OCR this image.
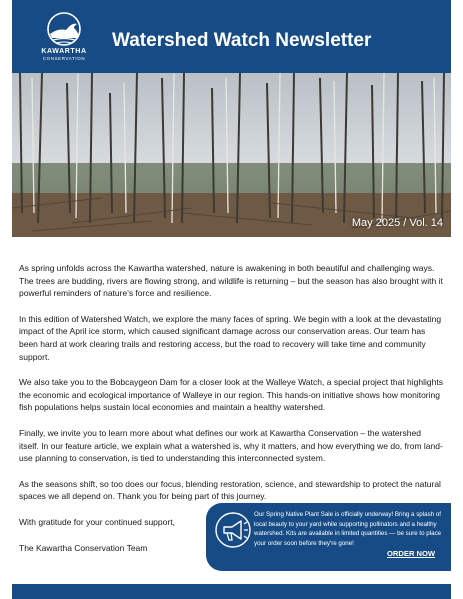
KAWARTHA
CONSERVATION
Watershed Watch Newsletter
May 2025 / Vol. 14

As spring unfolds across the Kawartha watershed, nature is awakening in both beautiful and challenging ways. The trees are budding, rivers are flowing strong, and wildlife is returning – but the season has also brought with it powerful reminders of nature's force and resilience.

In this edition of Watershed Watch, we explore the many faces of spring. We begin with a look at the devastating impact of the April ice storm, which caused significant damage across our conservation areas. Our team has been hard at work clearing trails and restoring access, but the road to recovery will take time and community support.

We also take you to the Bobcaygeon Dam for a closer look at the Walleye Watch, a special project that highlights the economic and ecological importance of Walleye in our region. This hands-on initiative shows how monitoring fish populations helps sustain local economies and maintain a healthy watershed.

Finally, we invite you to learn more about what defines our work at Kawartha Conservation – the watershed itself. In our feature article, we explain what a watershed is, why it matters, and how everything we do, from land-use planning to conservation, is tied to understanding this interconnected system.

As the seasons shift, so too does our focus, blending restoration, science, and stewardship to protect the natural spaces we all depend on. Thank you for being part of this journey.

With gratitude for your continued support,

The Kawartha Conservation Team

Our Spring Native Plant Sale is officially underway! Bring a splash of local beauty to your yard while supporting pollinators and a healthy watershed. Kits are available in limited quantities — be sure to place your order soon before they're gone!
ORDER NOW
